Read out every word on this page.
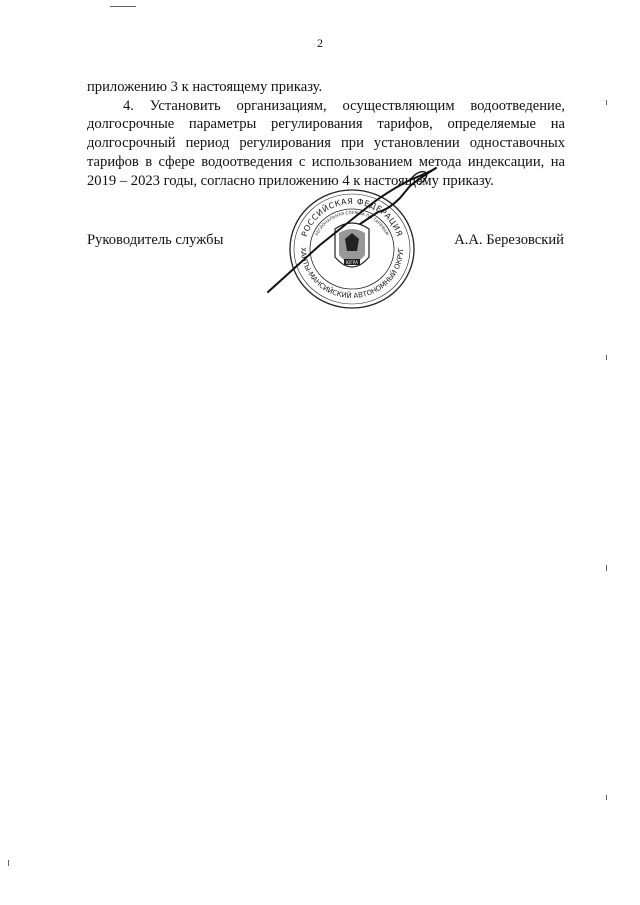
2

приложению 3 к настоящему приказу.

4. Установить организациям, осуществляющим водоотведение, долгосрочные параметры регулирования тарифов, определяемые на долгосрочный период регулирования при установлении одноставочных тарифов в сфере водоотведения с использованием метода индексации, на 2019 – 2023 годы, согласно приложению 4 к настоящему приказу.

Руководитель службы	А.А. Березовский
РОССИЙСКАЯ ФЕДЕРАЦИЯ
ХАНТЫ-МАНСИЙСКИЙ АВТОНОМНЫЙ ОКРУГ
РЕГИОНАЛЬНАЯ СЛУЖБА ПО ТАРИФАМ
ЮГРА
